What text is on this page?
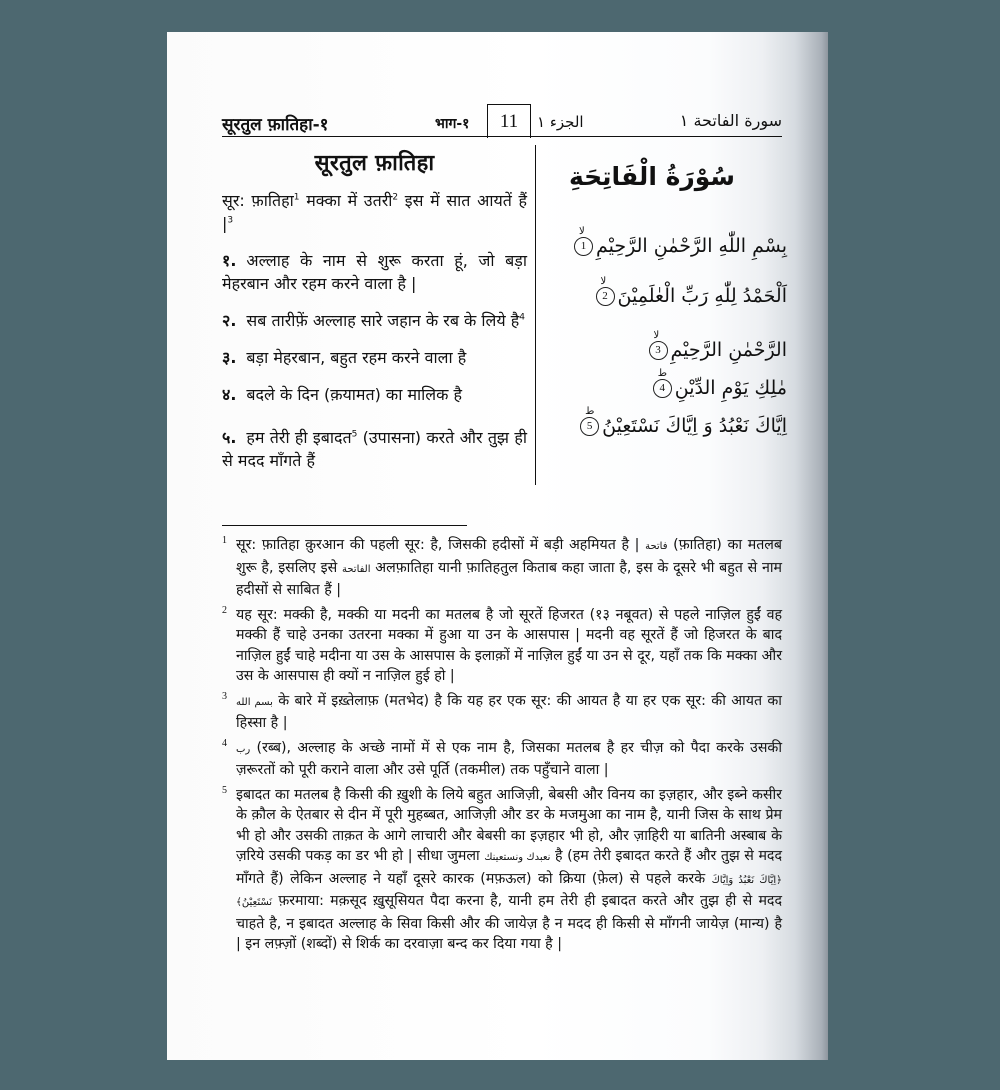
सूरतुल फ़ातिहा-१	भाग-१	11	الجزء ١	سورة الفاتحة ١
सूरतुल फ़ातिहा

सूर: फ़ातिहा$^1$ मक्का में उतरी$^2$ इस में सात आयतें हैं $|^3$

१. अल्लाह के नाम से शुरू करता हूं, जो बड़ा मेहरबान और रहम करने वाला है |

२. सब तारीफ़ें अल्लाह सारे जहान के रब के लिये है$^4$

३. बड़ा मेहरबान, बहुत रहम करने वाला है

४. बदले के दिन (क़यामत) का मालिक है

५. हम तेरी ही इबादत$^5$ (उपासना) करते और तुझ ही से मदद माँगते हैं

سُوْرَةُ الْفَاتِحَةِ
بِسْمِ اللّٰهِ الرَّحْمٰنِ الرَّحِيْمِ
لا
1
اَلْحَمْدُ لِلّٰهِ رَبِّ الْعٰلَمِيْنَ
لا
2
الرَّحْمٰنِ الرَّحِيْمِ
لا
3
مٰلِكِ يَوْمِ الدِّيْنِ
ط
4
اِيَّاكَ نَعْبُدُ وَ اِيَّاكَ نَسْتَعِيْنُ
ط
5
1 सूर: फ़ातिहा क़ुरआन की पहली सूर: है, जिसकी हदीसों में बड़ी अहमियत है | فاتحة (फ़ातिहा) का मतलब शुरू है, इसलिए इसे الفاتحة अलफ़ातिहा यानी फ़ातिहतुल किताब कहा जाता है, इस के दूसरे भी बहुत से नाम हदीसों से साबित हैं |
2 यह सूर: मक्की है, मक्की या मदनी का मतलब है जो सूरतें हिजरत (१३ नबूवत) से पहले नाज़िल हुईं वह मक्की हैं चाहे उनका उतरना मक्का में हुआ या उन के आसपास | मदनी वह सूरतें हैं जो हिजरत के बाद नाज़िल हुईं चाहे मदीना या उस के आसपास के इलाक़ों में नाज़िल हुईं या उन से दूर, यहाँ तक कि मक्का और उस के आसपास ही क्यों न नाज़िल हुई हो |
3
بسم الله के बारे में इख़्तेलाफ़ (मतभेद) है कि यह हर एक सूर: की आयत है या हर एक सूर: की आयत का हिस्सा है |
4
رب (रब्ब), अल्लाह के अच्छे नामों में से एक नाम है, जिसका मतलब है हर चीज़ को पैदा करके उसकी ज़रूरतों को पूरी कराने वाला और उसे पूर्ति (तकमील) तक पहुँचाने वाला |
5 इबादत का मतलब है किसी की ख़ुशी के लिये बहुत आजिज़ी, बेबसी और विनय का इज़हार, और इब्ने कसीर के क़ौल के ऐतबार से दीन में पूरी मुहब्बत, आजिज़ी और डर के मजमुआ का नाम है, यानी जिस के साथ प्रेम भी हो और उसकी ताक़त के आगे लाचारी और बेबसी का इज़हार भी हो, और ज़ाहिरी या बातिनी अस्बाब के ज़रिये उसकी पकड़ का डर भी हो | सीधा जुमला نعبدك ونستعينك है (हम तेरी इबादत करते हैं और तुझ से मदद माँगते हैं) लेकिन अल्लाह ने यहाँ दूसरे कारक (मफ़ऊल) को क्रिया (फ़ेल) से पहले करके ﴿اِيَّاكَ نَعْبُدُ وَاِيَّاكَ نَسْتَعِيْنُ﴾ फ़रमाया: मक़सूद ख़ुसूसियत पैदा करना है, यानी हम तेरी ही इबादत करते और तुझ ही से मदद चाहते है, न इबादत अल्लाह के सिवा किसी और की जायेज़ है न मदद ही किसी से माँगनी जायेज़ (मान्य) है | इन लफ़्ज़ों (शब्दों) से शिर्क का दरवाज़ा बन्द कर दिया गया है |
